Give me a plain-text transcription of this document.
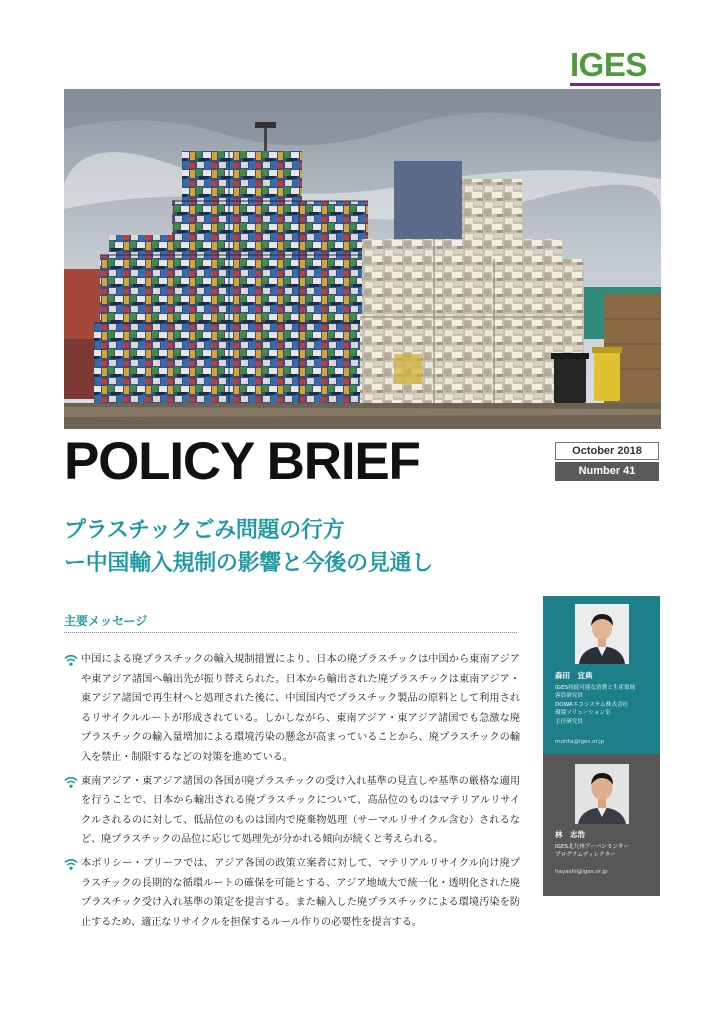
IGES
POLICY BRIEF	October 2018
Number 41
プラスチックごみ問題の行方
ー中国輸入規制の影響と今後の見通し
主要メッセージ
中国による廃プラスチックの輸入規制措置により、日本の廃プラスチックは中国から東南アジアや東アジア諸国へ輸出先が振り替えられた。日本から輸出された廃プラスチックは東南アジア・東アジア諸国で再生材へと処理された後に、中国国内でプラスチック製品の原料として利用されるリサイクルルートが形成されている。しかしながら、東南アジア・東アジア諸国でも急激な廃プラスチックの輸入量増加による環境汚染の懸念が高まっていることから、廃プラスチックの輸入を禁止・制限するなどの対策を進めている。
東南アジア・東アジア諸国の各国が廃プラスチックの受け入れ基準の見直しや基準の厳格な適用を行うことで、日本から輸出される廃プラスチックについて、高品位のものはマテリアルリサイクルされるのに対して、低品位のものは国内で廃棄物処理（サーマルリサイクル含む）されるなど、廃プラスチックの品位に応じて処理先が分かれる傾向が続くと考えられる。
本ポリシー・ブリーフでは、アジア各国の政策立案者に対して、マテリアルリサイクル向け廃プラスチックの長期的な循環ルートの確保を可能とする、アジア地域大で統一化・透明化された廃プラスチック受け入れ基準の策定を提言する。また輸入した廃プラスチックによる環境汚染を防止するため、適正なリサイクルを担保するルール作りの必要性を提言する。
森田　宜典
IGES持続可能な消費と生産領域
客員研究員
DOWAエコシステム株式会社
環境ソリューション室
主任研究員
morita@iges.or.jp
林　志浩
IGES北九州アーバンセンター
プログラムディレクター
hayashi@iges.or.jp
